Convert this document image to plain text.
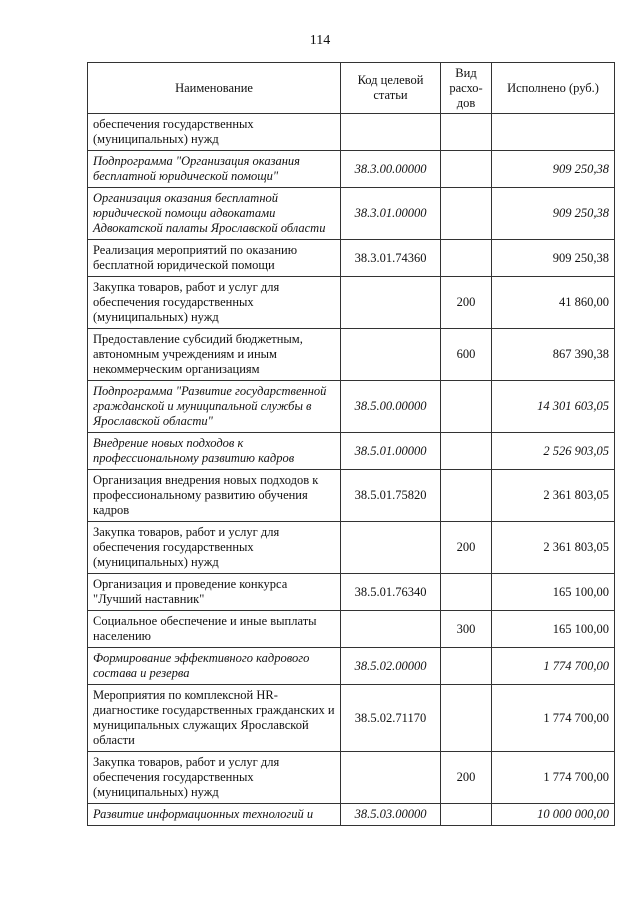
114
Наименование	Код целевой статьи	Вид расхо-дов	Исполнено (руб.)
обеспечения государственных (муниципальных) нужд			
Подпрограмма "Организация оказания бесплатной юридической помощи"	38.3.00.00000		909 250,38
Организация оказания бесплатной юридической помощи адвокатами Адвокатской палаты Ярославской области	38.3.01.00000		909 250,38
Реализация мероприятий по оказанию бесплатной юридической помощи	38.3.01.74360		909 250,38
Закупка товаров, работ и услуг для обеспечения государственных (муниципальных) нужд		200	41 860,00
Предоставление субсидий бюджетным, автономным учреждениям и иным некоммерческим организациям		600	867 390,38
Подпрограмма "Развитие государственной гражданской и муниципальной службы в Ярославской области"	38.5.00.00000		14 301 603,05
Внедрение новых подходов к профессиональному развитию кадров	38.5.01.00000		2 526 903,05
Организация внедрения новых подходов к профессиональному развитию обучения кадров	38.5.01.75820		2 361 803,05
Закупка товаров, работ и услуг для обеспечения государственных (муниципальных) нужд		200	2 361 803,05
Организация и проведение конкурса "Лучший наставник"	38.5.01.76340		165 100,00
Социальное обеспечение и иные выплаты населению		300	165 100,00
Формирование эффективного кадрового состава и резерва	38.5.02.00000		1 774 700,00
Мероприятия по комплексной HR-диагностике государственных гражданских и муниципальных служащих Ярославской области	38.5.02.71170		1 774 700,00
Закупка товаров, работ и услуг для обеспечения государственных (муниципальных) нужд		200	1 774 700,00
Развитие информационных технологий и	38.5.03.00000		10 000 000,00
